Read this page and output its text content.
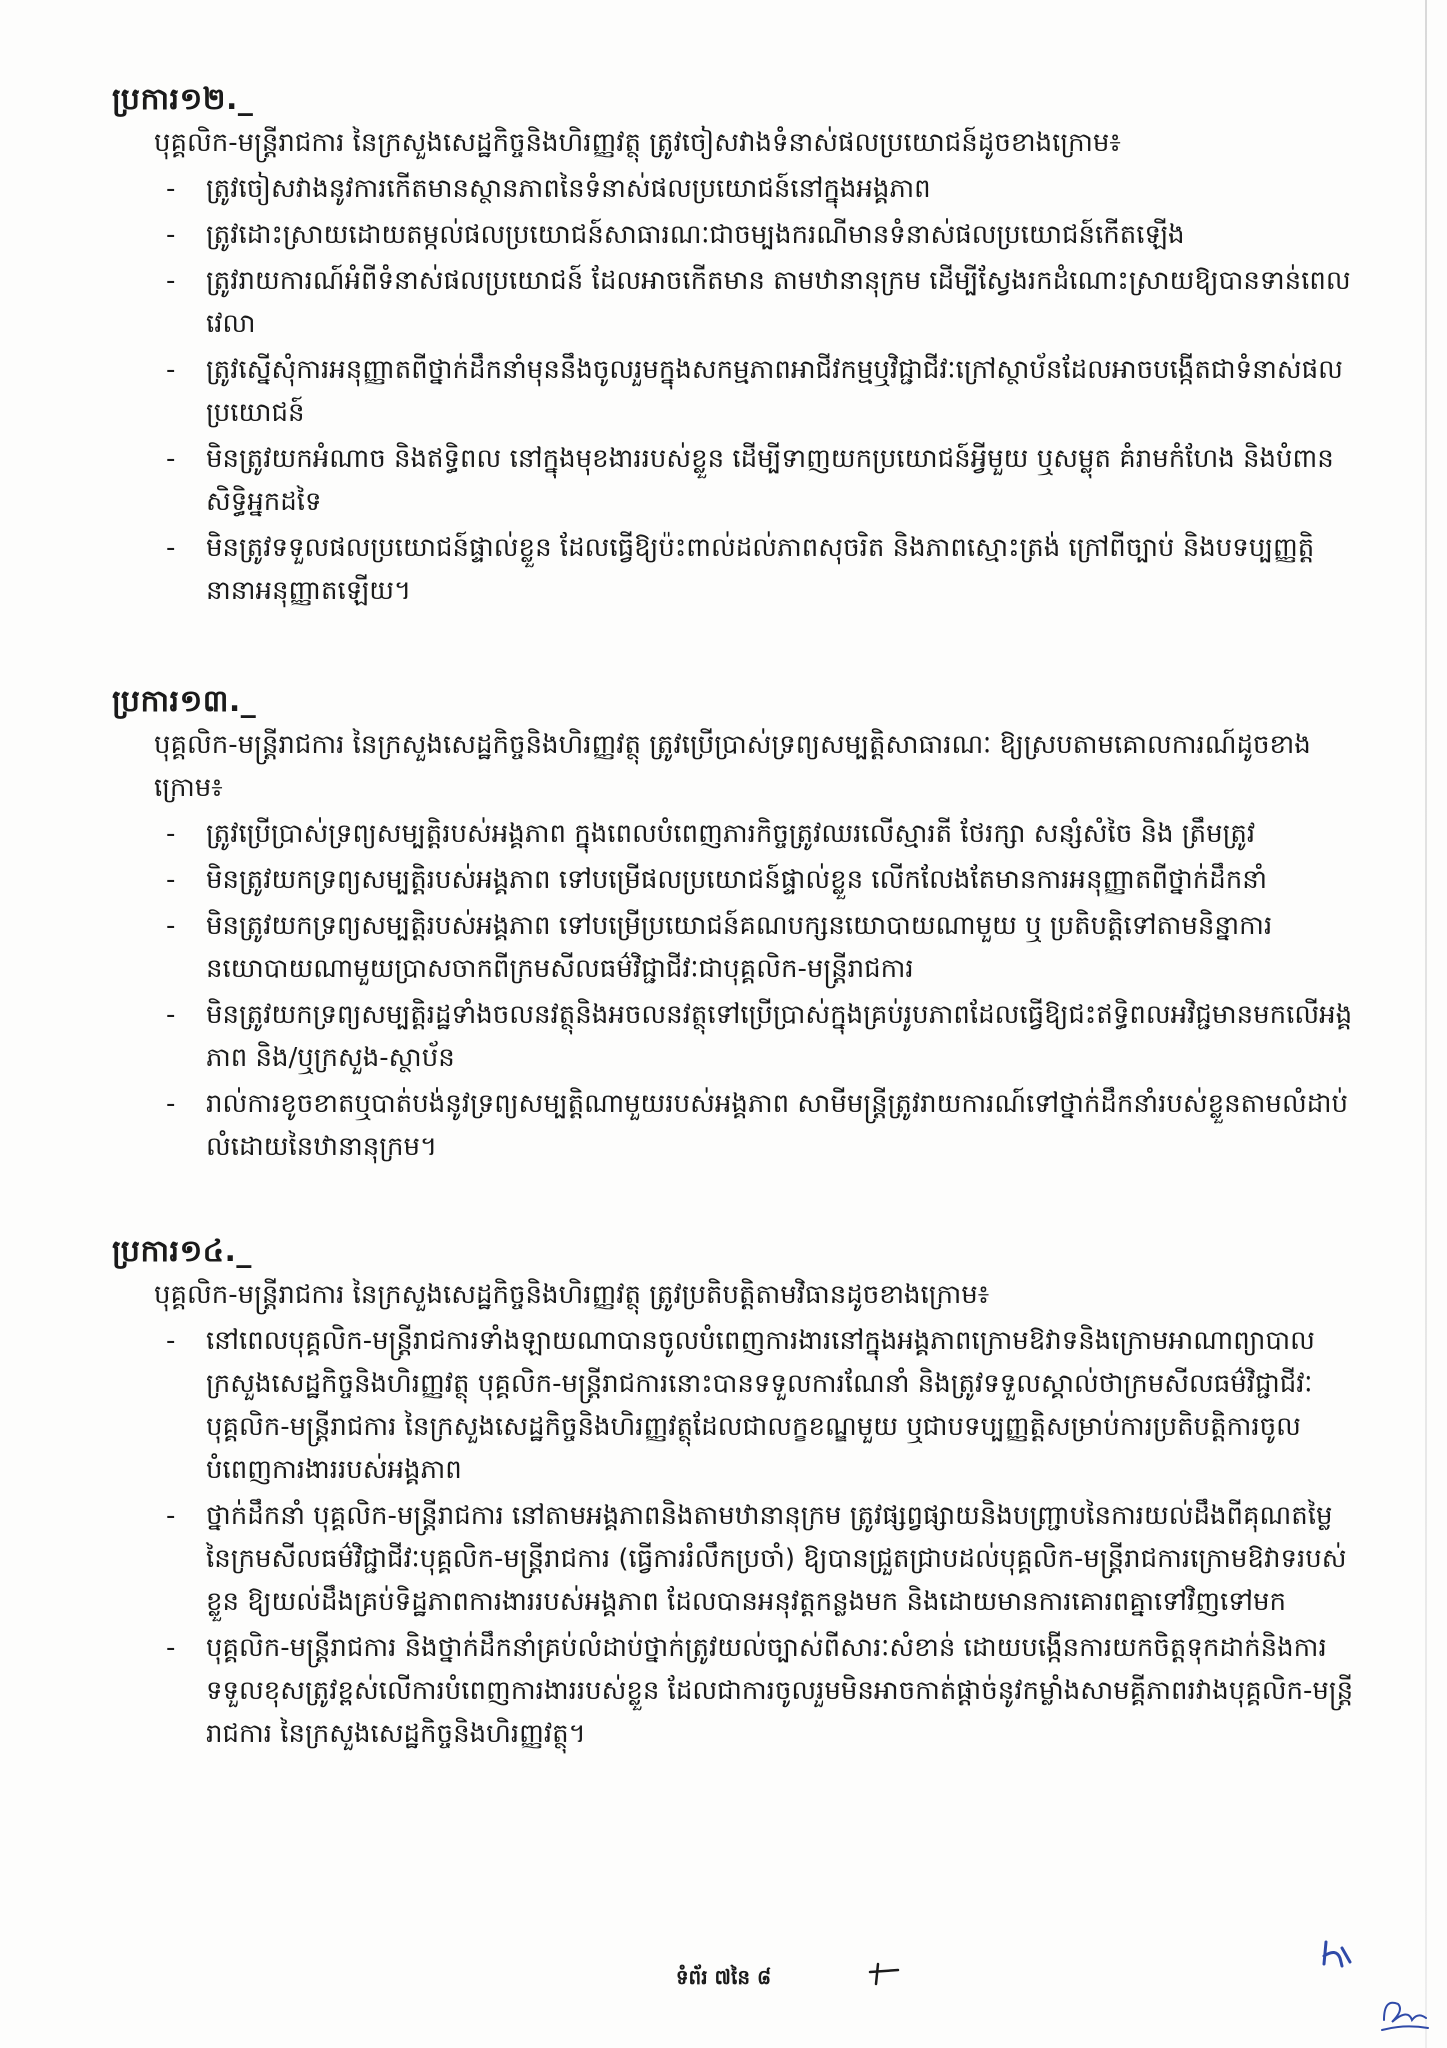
ប្រការ១២._

បុគ្គលិក-មន្ត្រីរាជការ នៃក្រសួងសេដ្ឋកិច្ចនិងហិរញ្ញវត្ថុ ត្រូវចៀសវាងទំនាស់ផលប្រយោជន៍ដូចខាងក្រោម៖

-	ត្រូវចៀសវាងនូវការកើតមានស្ថានភាពនៃទំនាស់ផលប្រយោជន៍នៅក្នុងអង្គភាព
-	ត្រូវដោះស្រាយដោយតម្កល់ផលប្រយោជន៍សាធារណៈជាចម្បងករណីមានទំនាស់ផលប្រយោជន៍កើតឡើង
-	ត្រូវរាយការណ៍អំពីទំនាស់ផលប្រយោជន៍ ដែលអាចកើតមាន តាមឋានានុក្រម ដើម្បីស្វែងរកដំណោះស្រាយឱ្យបានទាន់ពេលវេលា
-	ត្រូវស្នើសុំការអនុញ្ញាតពីថ្នាក់ដឹកនាំមុននឹងចូលរួមក្នុងសកម្មភាពអាជីវកម្មឬវិជ្ជាជីវៈក្រៅស្ថាប័នដែលអាចបង្កើតជាទំនាស់ផលប្រយោជន៍
-	មិនត្រូវយកអំណាច និងឥទ្ធិពល នៅក្នុងមុខងាររបស់ខ្លួន ដើម្បីទាញយកប្រយោជន៍អ្វីមួយ ឬសម្លុត គំរាមកំហែង និងបំពានសិទ្ធិអ្នកដទៃ
-	មិនត្រូវទទួលផលប្រយោជន៍ផ្ទាល់ខ្លួន ដែលធ្វើឱ្យប៉ះពាល់ដល់ភាពសុចរិត និងភាពស្មោះត្រង់ ក្រៅពីច្បាប់ និងបទប្បញ្ញត្តិនានាអនុញ្ញាតឡើយ។
ប្រការ១៣._

បុគ្គលិក-មន្ត្រីរាជការ នៃក្រសួងសេដ្ឋកិច្ចនិងហិរញ្ញវត្ថុ ត្រូវប្រើប្រាស់ទ្រព្យសម្បត្តិសាធារណៈ ឱ្យស្របតាមគោលការណ៍ដូចខាងក្រោម៖

-	ត្រូវប្រើប្រាស់ទ្រព្យសម្បត្តិរបស់អង្គភាព ក្នុងពេលបំពេញភារកិច្ចត្រូវឈរលើស្មារតី ថែរក្សា សន្សំសំចៃ និង ត្រឹមត្រូវ
-	មិនត្រូវយកទ្រព្យសម្បត្តិរបស់អង្គភាព ទៅបម្រើផលប្រយោជន៍ផ្ទាល់ខ្លួន លើកលែងតែមានការអនុញ្ញាតពីថ្នាក់ដឹកនាំ
-	មិនត្រូវយកទ្រព្យសម្បត្តិរបស់អង្គភាព ទៅបម្រើប្រយោជន៍គណបក្សនយោបាយណាមួយ ឬ ប្រតិបត្តិទៅតាមនិន្នាការនយោបាយណាមួយប្រាសចាកពីក្រមសីលធម៌វិជ្ជាជីវៈជាបុគ្គលិក-មន្ត្រីរាជការ
-	មិនត្រូវយកទ្រព្យសម្បត្តិរដ្ឋទាំងចលនវត្ថុនិងអចលនវត្ថុទៅប្រើប្រាស់ក្នុងគ្រប់រូបភាពដែលធ្វើឱ្យជះឥទ្ធិពលអវិជ្ជមានមកលើអង្គភាព និង/ឬក្រសួង-ស្ថាប័ន
-	រាល់ការខូចខាតឬបាត់បង់នូវទ្រព្យសម្បត្តិណាមួយរបស់អង្គភាព សាមីមន្ត្រីត្រូវរាយការណ៍ទៅថ្នាក់ដឹកនាំរបស់ខ្លួនតាមលំដាប់លំដោយនៃឋានានុក្រម។
ប្រការ១៤._

បុគ្គលិក-មន្ត្រីរាជការ នៃក្រសួងសេដ្ឋកិច្ចនិងហិរញ្ញវត្ថុ ត្រូវប្រតិបត្តិតាមវិធានដូចខាងក្រោម៖

-	នៅពេលបុគ្គលិក-មន្ត្រីរាជការទាំងឡាយណាបានចូលបំពេញការងារនៅក្នុងអង្គភាពក្រោមឱវាទនិងក្រោមអាណាព្យាបាលក្រសួងសេដ្ឋកិច្ចនិងហិរញ្ញវត្ថុ បុគ្គលិក-មន្ត្រីរាជការនោះបានទទួលការណែនាំ និងត្រូវទទួលស្គាល់ថាក្រមសីលធម៌វិជ្ជាជីវៈបុគ្គលិក-មន្ត្រីរាជការ នៃក្រសួងសេដ្ឋកិច្ចនិងហិរញ្ញវត្ថុដែលជាលក្ខខណ្ឌមួយ ឬជាបទប្បញ្ញត្តិសម្រាប់ការប្រតិបត្តិការចូលបំពេញការងាររបស់អង្គភាព
-	ថ្នាក់ដឹកនាំ បុគ្គលិក-មន្ត្រីរាជការ នៅតាមអង្គភាពនិងតាមឋានានុក្រម ត្រូវផ្សព្វផ្សាយនិងបញ្ជ្រាបនៃការយល់ដឹងពីគុណតម្លៃនៃក្រមសីលធម៌វិជ្ជាជីវៈបុគ្គលិក-មន្ត្រីរាជការ (ធ្វើការរំលឹកប្រចាំ) ឱ្យបានជ្រួតជ្រាបដល់បុគ្គលិក-មន្ត្រីរាជការក្រោមឱវាទរបស់ខ្លួន ឱ្យយល់ដឹងគ្រប់ទិដ្ឋភាពការងាររបស់អង្គភាព ដែលបានអនុវត្តកន្លងមក និងដោយមានការគោរពគ្នាទៅវិញទៅមក
-	បុគ្គលិក-មន្ត្រីរាជការ និងថ្នាក់ដឹកនាំគ្រប់លំដាប់ថ្នាក់ត្រូវយល់ច្បាស់ពីសារៈសំខាន់ ដោយបង្កើនការយកចិត្តទុកដាក់និងការទទួលខុសត្រូវខ្ពស់លើការបំពេញការងាររបស់ខ្លួន ដែលជាការចូលរួមមិនអាចកាត់ផ្តាច់នូវកម្លាំងសាមគ្គីភាពរវាងបុគ្គលិក-មន្ត្រីរាជការ នៃក្រសួងសេដ្ឋកិច្ចនិងហិរញ្ញវត្ថុ។
ទំព័រ ៧នៃ ៨
